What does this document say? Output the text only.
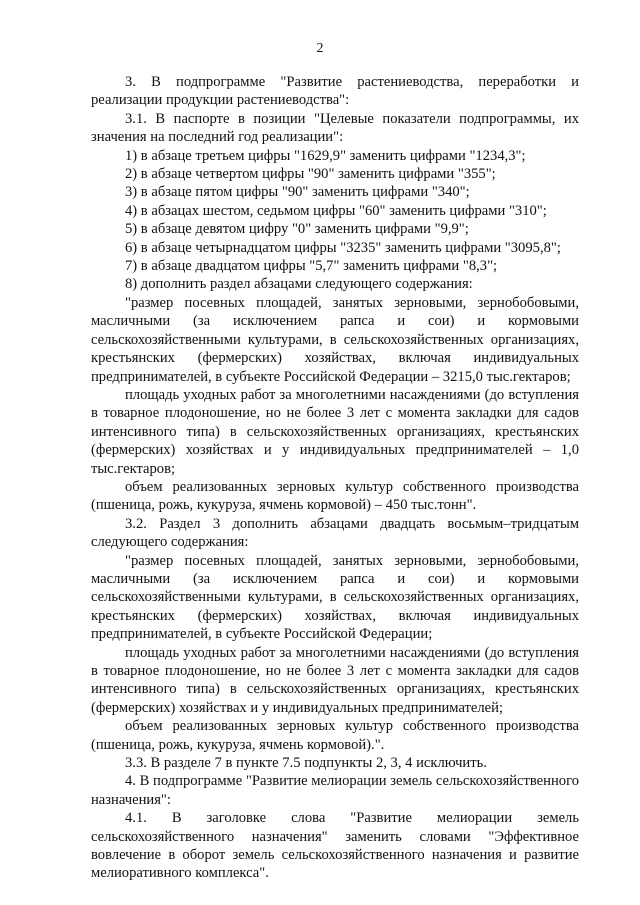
2

3. В подпрограмме "Развитие растениеводства, переработки и реализации продукции растениеводства":

3.1. В паспорте в позиции "Целевые показатели подпрограммы, их значения на последний год реализации":

1) в абзаце третьем цифры "1629,9" заменить цифрами "1234,3";
2) в абзаце четвертом цифры "90" заменить цифрами "355";
3) в абзаце пятом цифры "90" заменить цифрами "340";
4) в абзацах шестом, седьмом цифры "60" заменить цифрами "310";
5) в абзаце девятом цифру "0" заменить цифрами "9,9";
6) в абзаце четырнадцатом цифры "3235" заменить цифрами "3095,8";
7) в абзаце двадцатом цифры "5,7" заменить цифрами "8,3";
8) дополнить раздел абзацами следующего содержания:

"размер посевных площадей, занятых зерновыми, зернобобовыми, масличными (за исключением рапса и сои) и кормовыми сельскохозяйственными культурами, в сельскохозяйственных организациях, крестьянских (фермерских) хозяйствах, включая индивидуальных предпринимателей, в субъекте Российской Федерации – 3215,0 тыс.гектаров;

площадь уходных работ за многолетними насаждениями (до вступления в товарное плодоношение, но не более 3 лет с момента закладки для садов интенсивного типа) в сельскохозяйственных организациях, крестьянских (фермерских) хозяйствах и у индивидуальных предпринимателей – 1,0 тыс.гектаров;

объем реализованных зерновых культур собственного производства (пшеница, рожь, кукуруза, ячмень кормовой) – 450 тыс.тонн".

3.2. Раздел 3 дополнить абзацами двадцать восьмым–тридцатым следующего содержания:

"размер посевных площадей, занятых зерновыми, зернобобовыми, масличными (за исключением рапса и сои) и кормовыми сельскохозяйственными культурами, в сельскохозяйственных организациях, крестьянских (фермерских) хозяйствах, включая индивидуальных предпринимателей, в субъекте Российской Федерации;

площадь уходных работ за многолетними насаждениями (до вступления в товарное плодоношение, но не более 3 лет с момента закладки для садов интенсивного типа) в сельскохозяйственных организациях, крестьянских (фермерских) хозяйствах и у индивидуальных предпринимателей;

объем реализованных зерновых культур собственного производства (пшеница, рожь, кукуруза, ячмень кормовой).".

3.3. В разделе 7 в пункте 7.5 подпункты 2, 3, 4 исключить.

4. В подпрограмме "Развитие мелиорации земель сельскохозяйственного назначения":

4.1. В заголовке слова "Развитие мелиорации земель сельскохозяйственного назначения" заменить словами "Эффективное вовлечение в оборот земель сельскохозяйственного назначения и развитие мелиоративного комплекса".
